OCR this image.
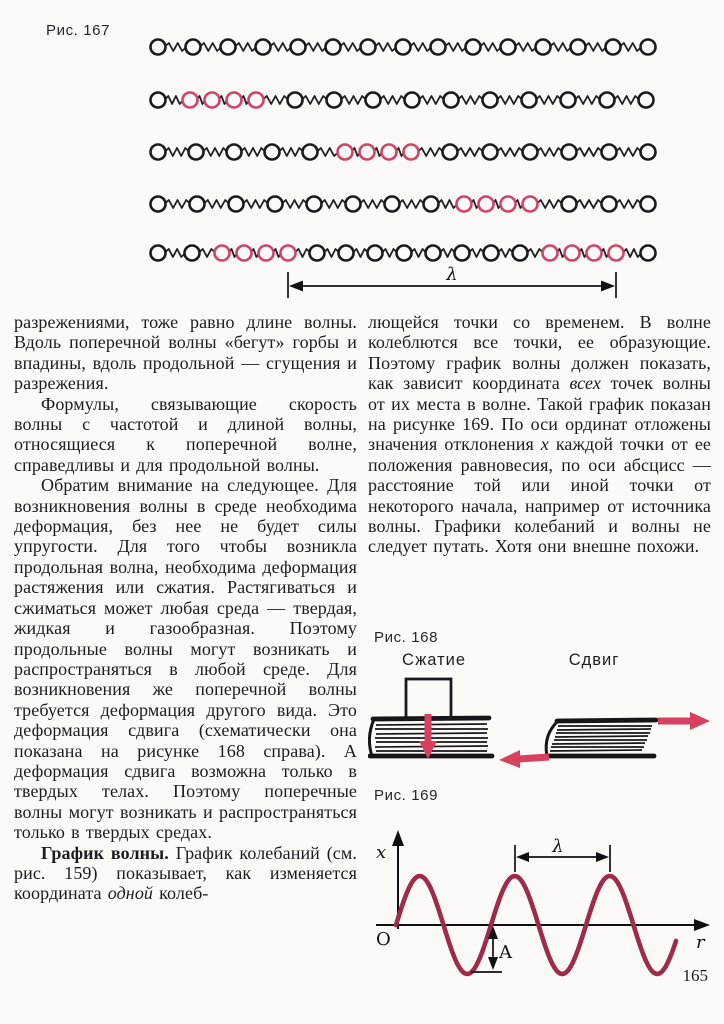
Рис. 167
λ

разрежениями, тоже равно длине волны. Вдоль поперечной волны «бегут» горбы и впадины, вдоль продольной — сгущения и разрежения.

Формулы, связывающие скорость волны с частотой и длиной волны, относящиеся к поперечной волне, справедливы и для продольной волны.

Обратим внимание на следующее. Для возникновения волны в среде необходима деформация, без нее не будет силы упругости. Для того чтобы возникла продольная волна, необходима деформация растяжения или сжатия. Растягиваться и сжиматься может любая среда — твердая, жидкая и газообразная. Поэтому продольные волны могут возникать и распространяться в любой среде. Для возникновения же поперечной волны требуется деформация другого вида. Это деформация сдвига (схематически она показана на рисунке 168 справа). А деформация сдвига возможна только в твердых телах. Поэтому поперечные волны могут возникать и распространяться только в твердых средах.

График волны. График колебаний (см. рис. 159) показывает, как изменяется координата одной колеб-

лющейся точки со временем. В волне колеблются все точки, ее образующие. Поэтому график волны должен показать, как зависит координата всех точек волны от их места в волне. Такой график показан на рисунке 169. По оси ординат отложены значения отклонения x каждой точки от ее положения равновесия, по оси абсцисс — расстояние той или иной точки от некоторого начала, например от источника волны. Графики колебаний и волны не следует путать. Хотя они внешне похожи.

Рис. 168
Сжатие	Сдвиг
Рис. 169
x
O	r
λ
A
165
